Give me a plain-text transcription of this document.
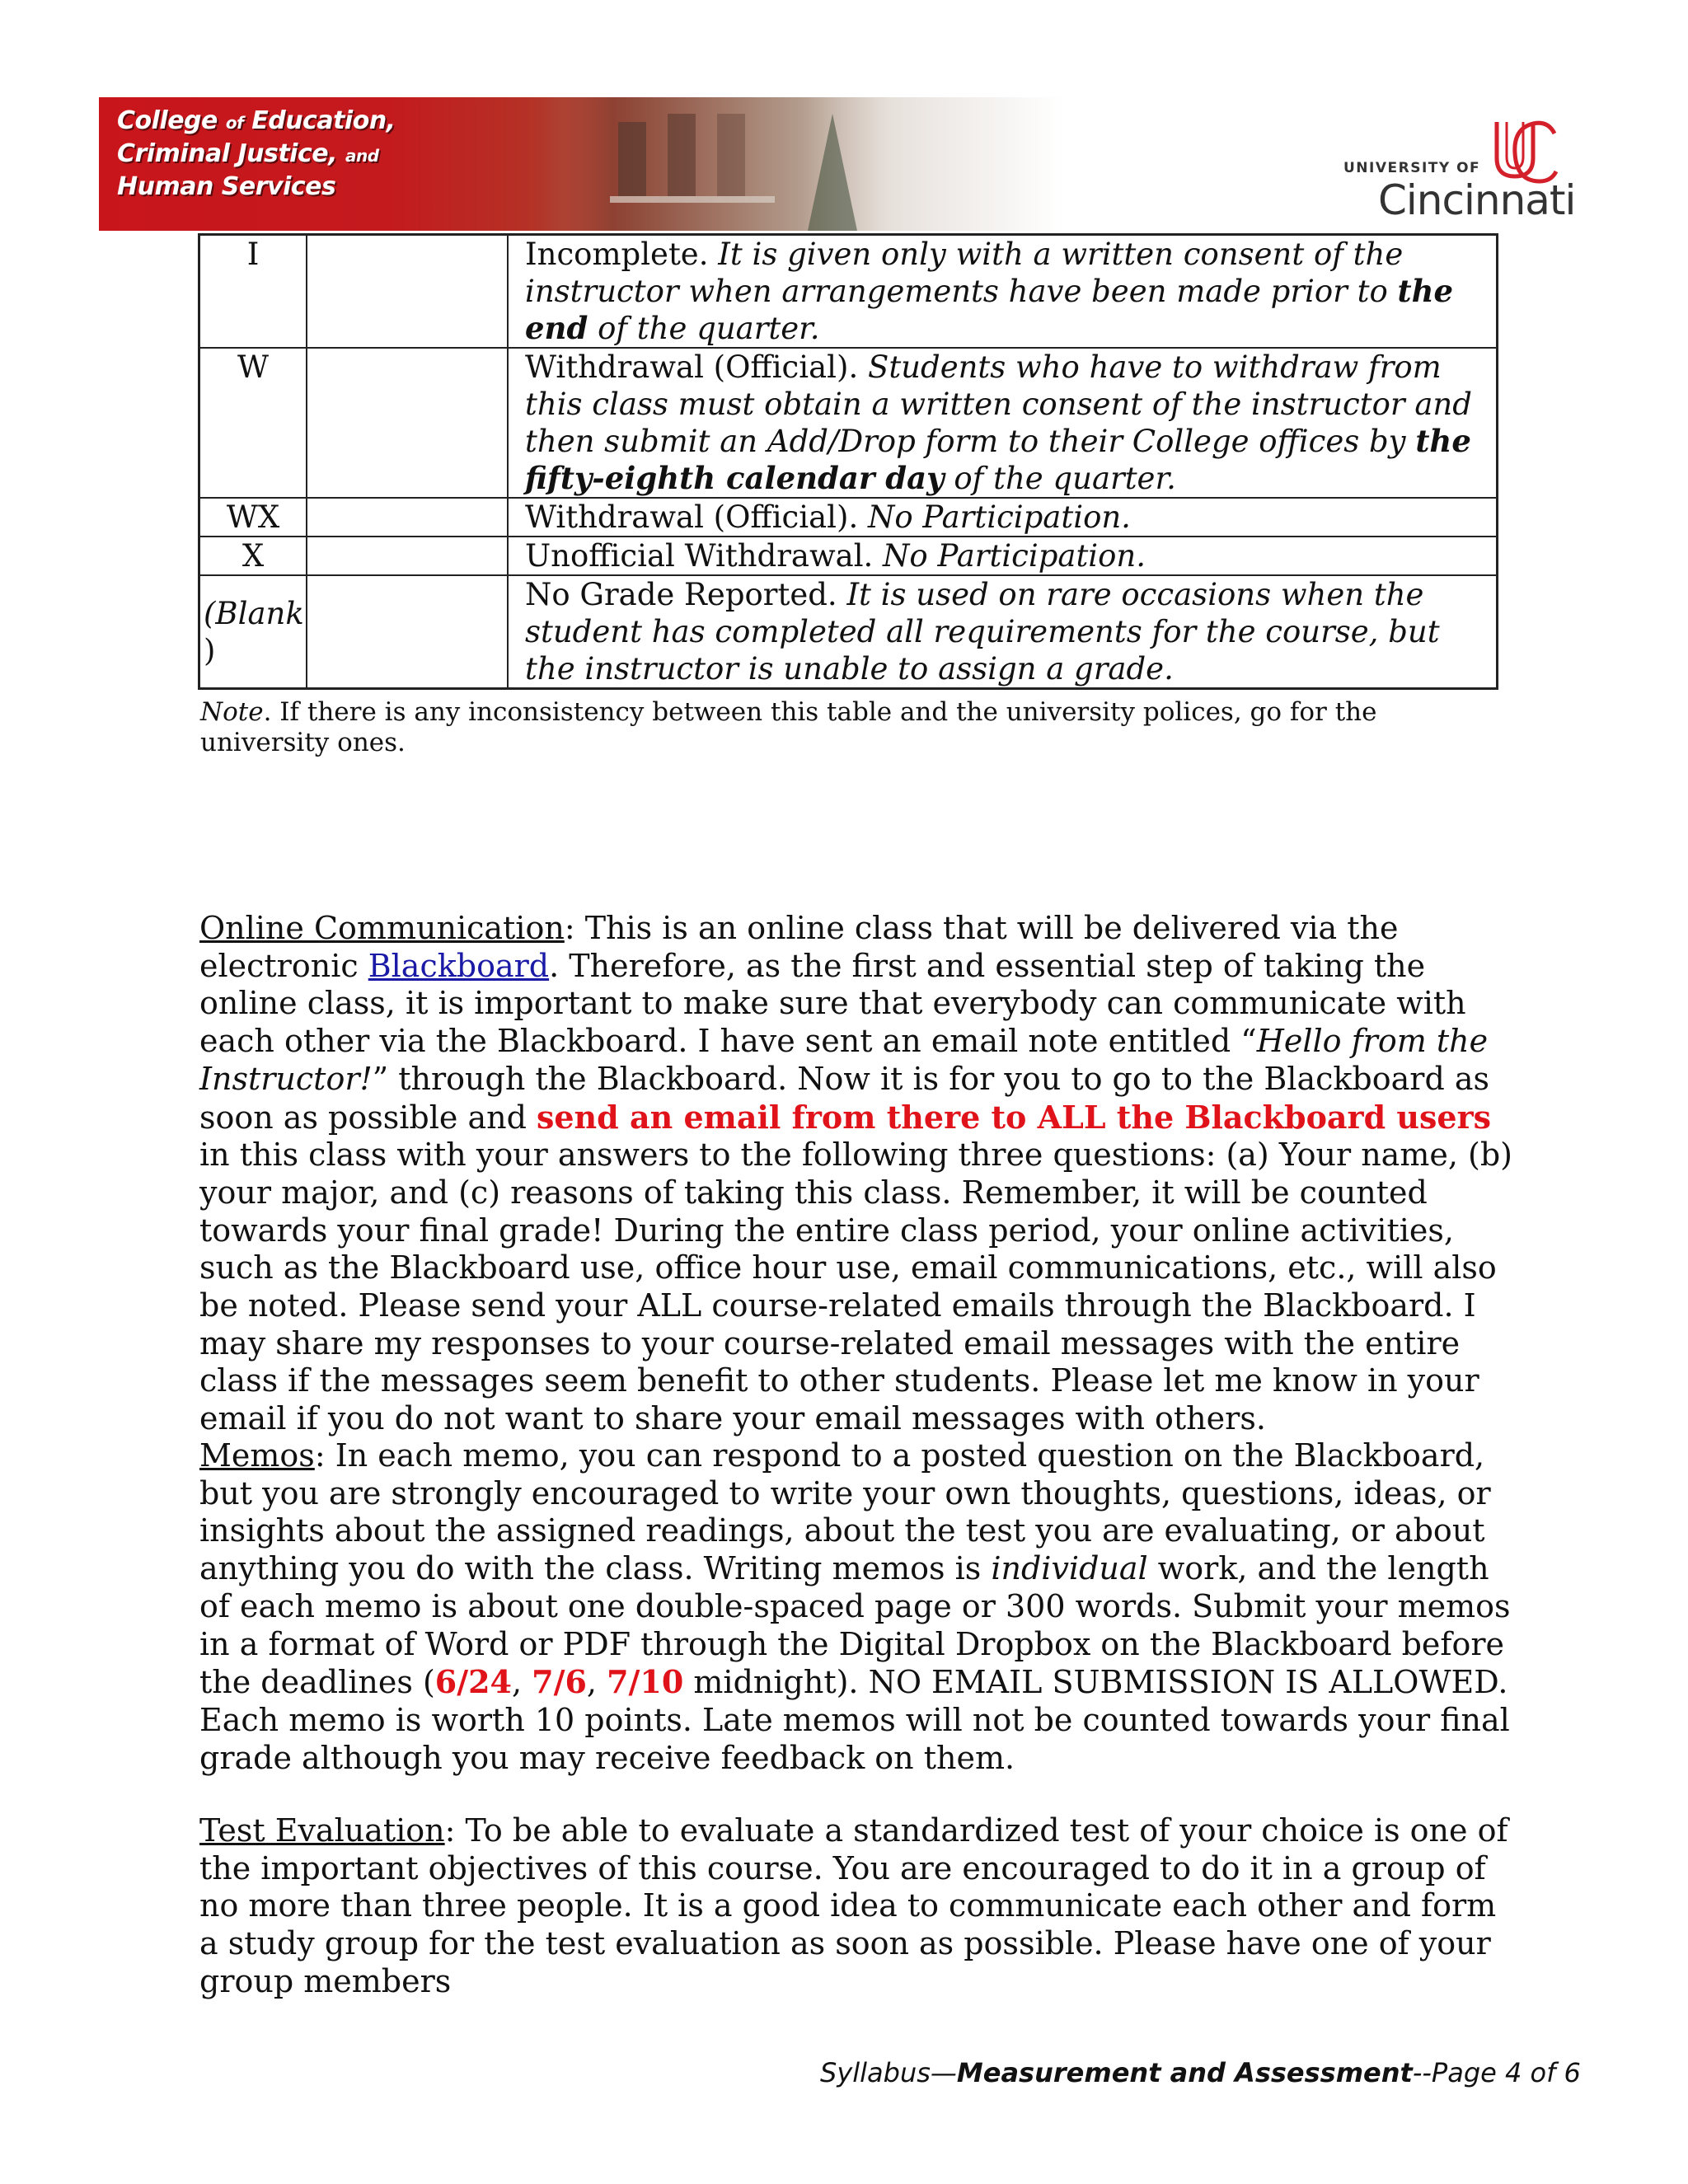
College of Education,
Criminal Justice, and
Human Services
UNIVERSITY OF
Cincinnati
I		Incomplete. It is given only with a written consent of the instructor when arrangements have been made prior to the end of the quarter.
W		Withdrawal (Official). Students who have to withdraw from this class must obtain a written consent of the instructor and then submit an Add/Drop form to their College offices by the fifty-eighth calendar day of the quarter.
WX		Withdrawal (Official). No Participation.
X		Unofficial Withdrawal. No Participation.
(Blank
)		No Grade Reported. It is used on rare occasions when the student has completed all requirements for the course, but the instructor is unable to assign a grade.
Note. If there is any inconsistency between this table and the university polices, go for the university ones.

Online Communication: This is an online class that will be delivered via the electronic Blackboard. Therefore, as the first and essential step of taking the online class, it is important to make sure that everybody can communicate with each other via the Blackboard. I have sent an email note entitled “Hello from the Instructor!” through the Blackboard. Now it is for you to go to the Blackboard as soon as possible and send an email from there to ALL the Blackboard users in this class with your answers to the following three questions: (a) Your name, (b) your major, and (c) reasons of taking this class. Remember, it will be counted towards your final grade! During the entire class period, your online activities, such as the Blackboard use, office hour use, email communications, etc., will also be noted. Please send your ALL course-related emails through the Blackboard. I may share my responses to your course-related email messages with the entire class if the messages seem benefit to other students. Please let me know in your email if you do not want to share your email messages with others.

Memos: In each memo, you can respond to a posted question on the Blackboard, but you are strongly encouraged to write your own thoughts, questions, ideas, or insights about the assigned readings, about the test you are evaluating, or about anything you do with the class. Writing memos is individual work, and the length of each memo is about one double-spaced page or 300 words. Submit your memos in a format of Word or PDF through the Digital Dropbox on the Blackboard before the deadlines (6/24, 7/6, 7/10 midnight). NO EMAIL SUBMISSION IS ALLOWED. Each memo is worth 10 points. Late memos will not be counted towards your final grade although you may receive feedback on them.

Test Evaluation: To be able to evaluate a standardized test of your choice is one of the important objectives of this course. You are encouraged to do it in a group of no more than three people. It is a good idea to communicate each other and form a study group for the test evaluation as soon as possible. Please have one of your group members

Syllabus—Measurement and Assessment--Page 4 of 6
